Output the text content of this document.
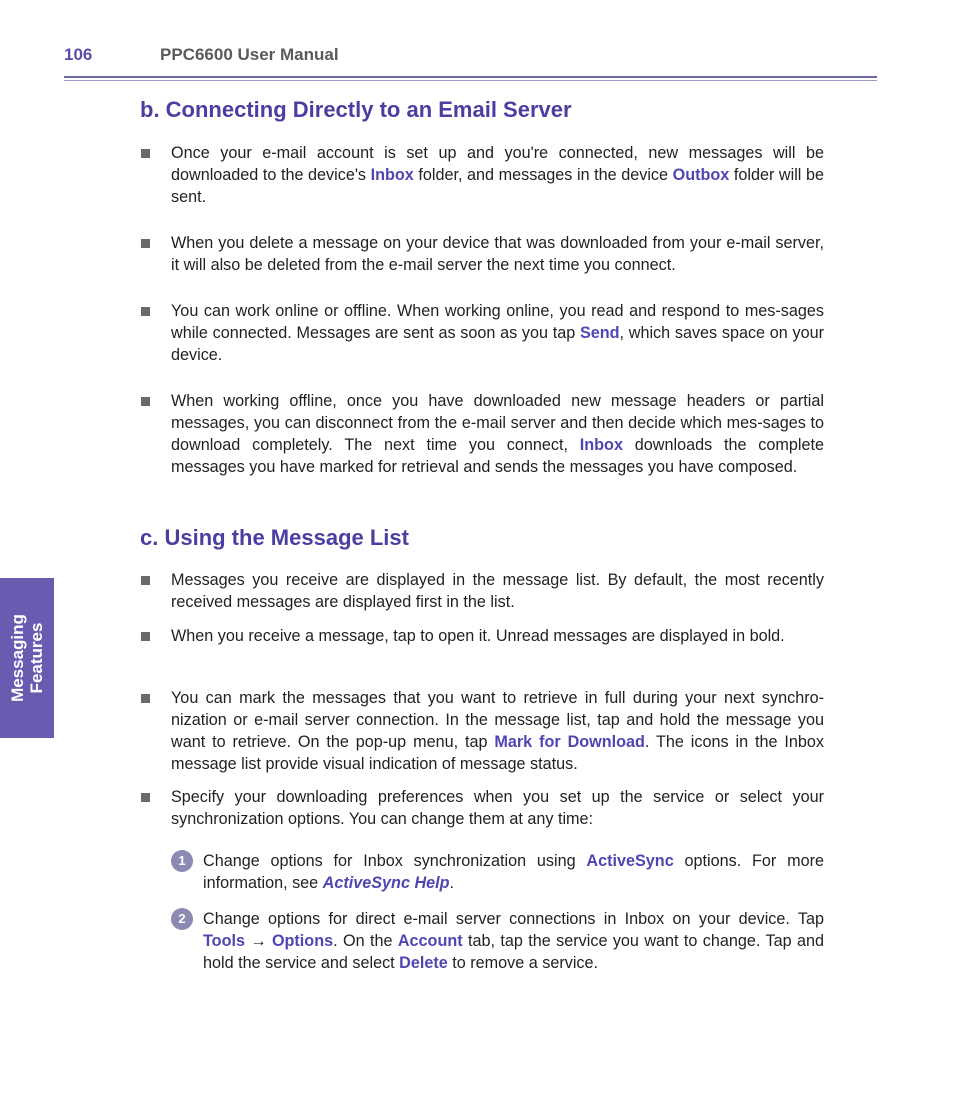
106	PPC6600 User Manual
Messaging Features
b. Connecting Directly to an Email Server
Once your e-mail account is set up and you're connected, new messages will be downloaded to the device's Inbox folder, and messages in the device Outbox folder will be sent.
When you delete a message on your device that was downloaded from your e-mail server, it will also be deleted from the e-mail server the next time you connect.
You can work online or offline. When working online, you read and respond to mes-sages while connected. Messages are sent as soon as you tap Send, which saves space on your device.
When working offline, once you have downloaded new message headers or partial messages, you can disconnect from the e-mail server and then decide which mes-sages to download completely. The next time you connect, Inbox downloads the complete messages you have marked for retrieval and sends the messages you have composed.
c. Using the Message List
Messages you receive are displayed in the message list. By default, the most recently received messages are displayed first in the list.
When you receive a message, tap to open it. Unread messages are displayed in bold.
You can mark the messages that you want to retrieve in full during your next synchro-nization or e-mail server connection. In the message list, tap and hold the message you want to retrieve. On the pop-up menu, tap Mark for Download. The icons in the Inbox message list provide visual indication of message status.
Specify your downloading preferences when you set up the service or select your synchronization options. You can change them at any time:
1	Change options for Inbox synchronization using ActiveSync options. For more information, see ActiveSync Help.
2	Change options for direct e-mail server connections in Inbox on your device. Tap Tools → Options. On the Account tab, tap the service you want to change. Tap and hold the service and select Delete to remove a service.
